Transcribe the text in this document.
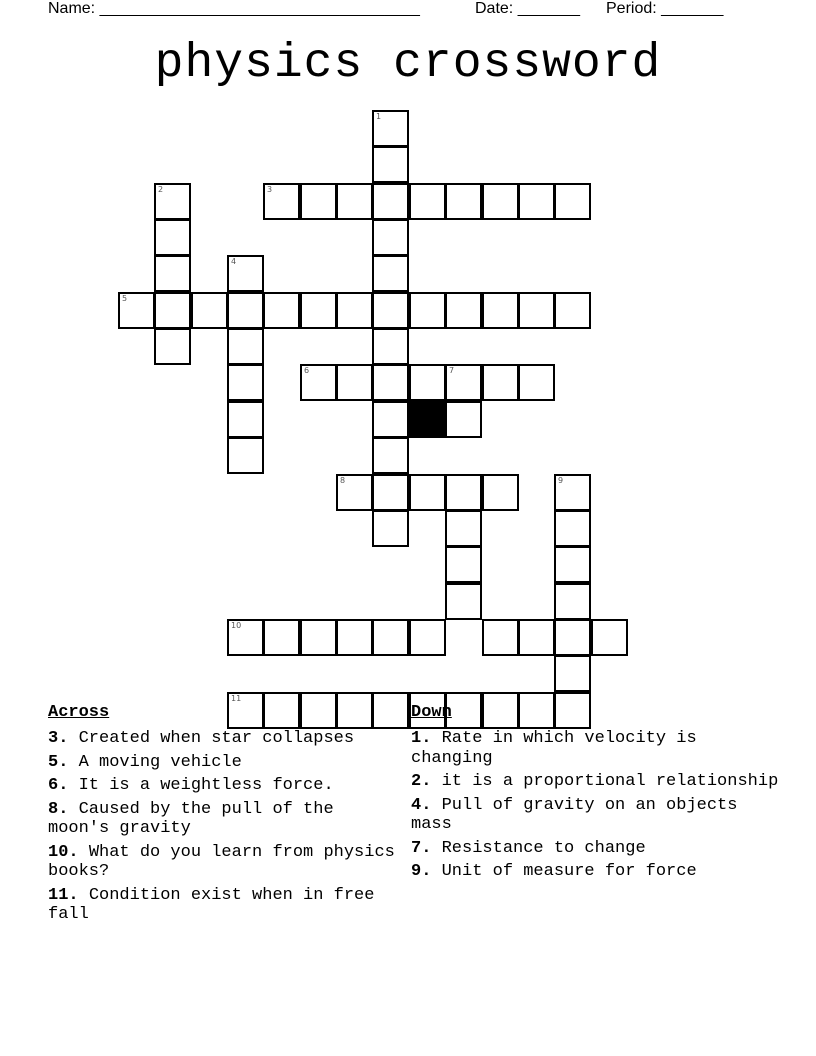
Name: ____________________________________	Date: _______ Period: _______
physics crossword
1
2	3
4
5
6	7
8	9
10
11
Across
3. Created when star collapses
5. A moving vehicle
6. It is a weightless force.
8. Caused by the pull of the moon's gravity
10. What do you learn from physics books?
11. Condition exist when in free fall
Down
1. Rate in which velocity is changing
2. it is a proportional relationship
4. Pull of gravity on an objects mass
7. Resistance to change
9. Unit of measure for force
